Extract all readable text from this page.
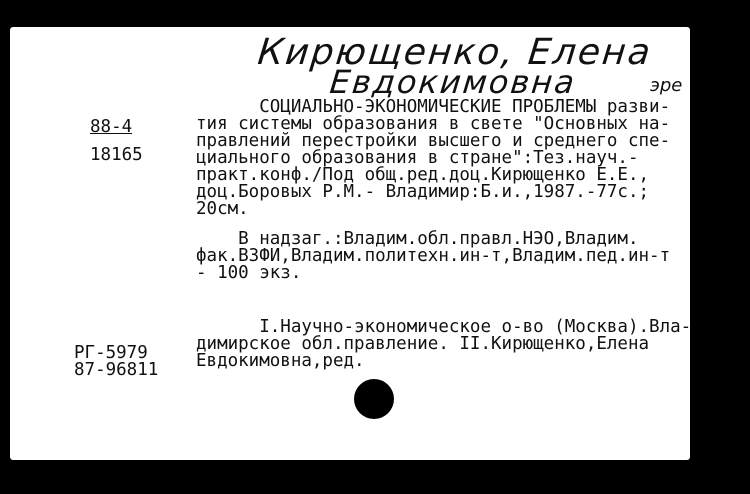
Кирющенко, Елена
Евдокимовна	эре
88-4
18165
СОЦИАЛЬНО-ЭКОНОМИЧЕСКИЕ ПРОБЛЕМЫ разви-
тия системы образования в свете "Основных на-
правлений перестройки высшего и среднего спе-
циального образования в стране":Тез.науч.-
практ.конф./Под общ.ред.доц.Кирющенко Е.Е.,
доц.Боровых Р.М.- Владимир:Б.и.,1987.-77с.;
20см.
В надзаг.:Владим.обл.правл.НЭО,Владим.
фак.ВЗФИ,Владим.политехн.ин-т,Владим.пед.ин-т
- 100 экз.
I.Научно-экономическое о-во (Москва).Вла-
димирское обл.правление. II.Кирющенко,Елена
Евдокимовна,ред.
РГ-5979
87-96811
